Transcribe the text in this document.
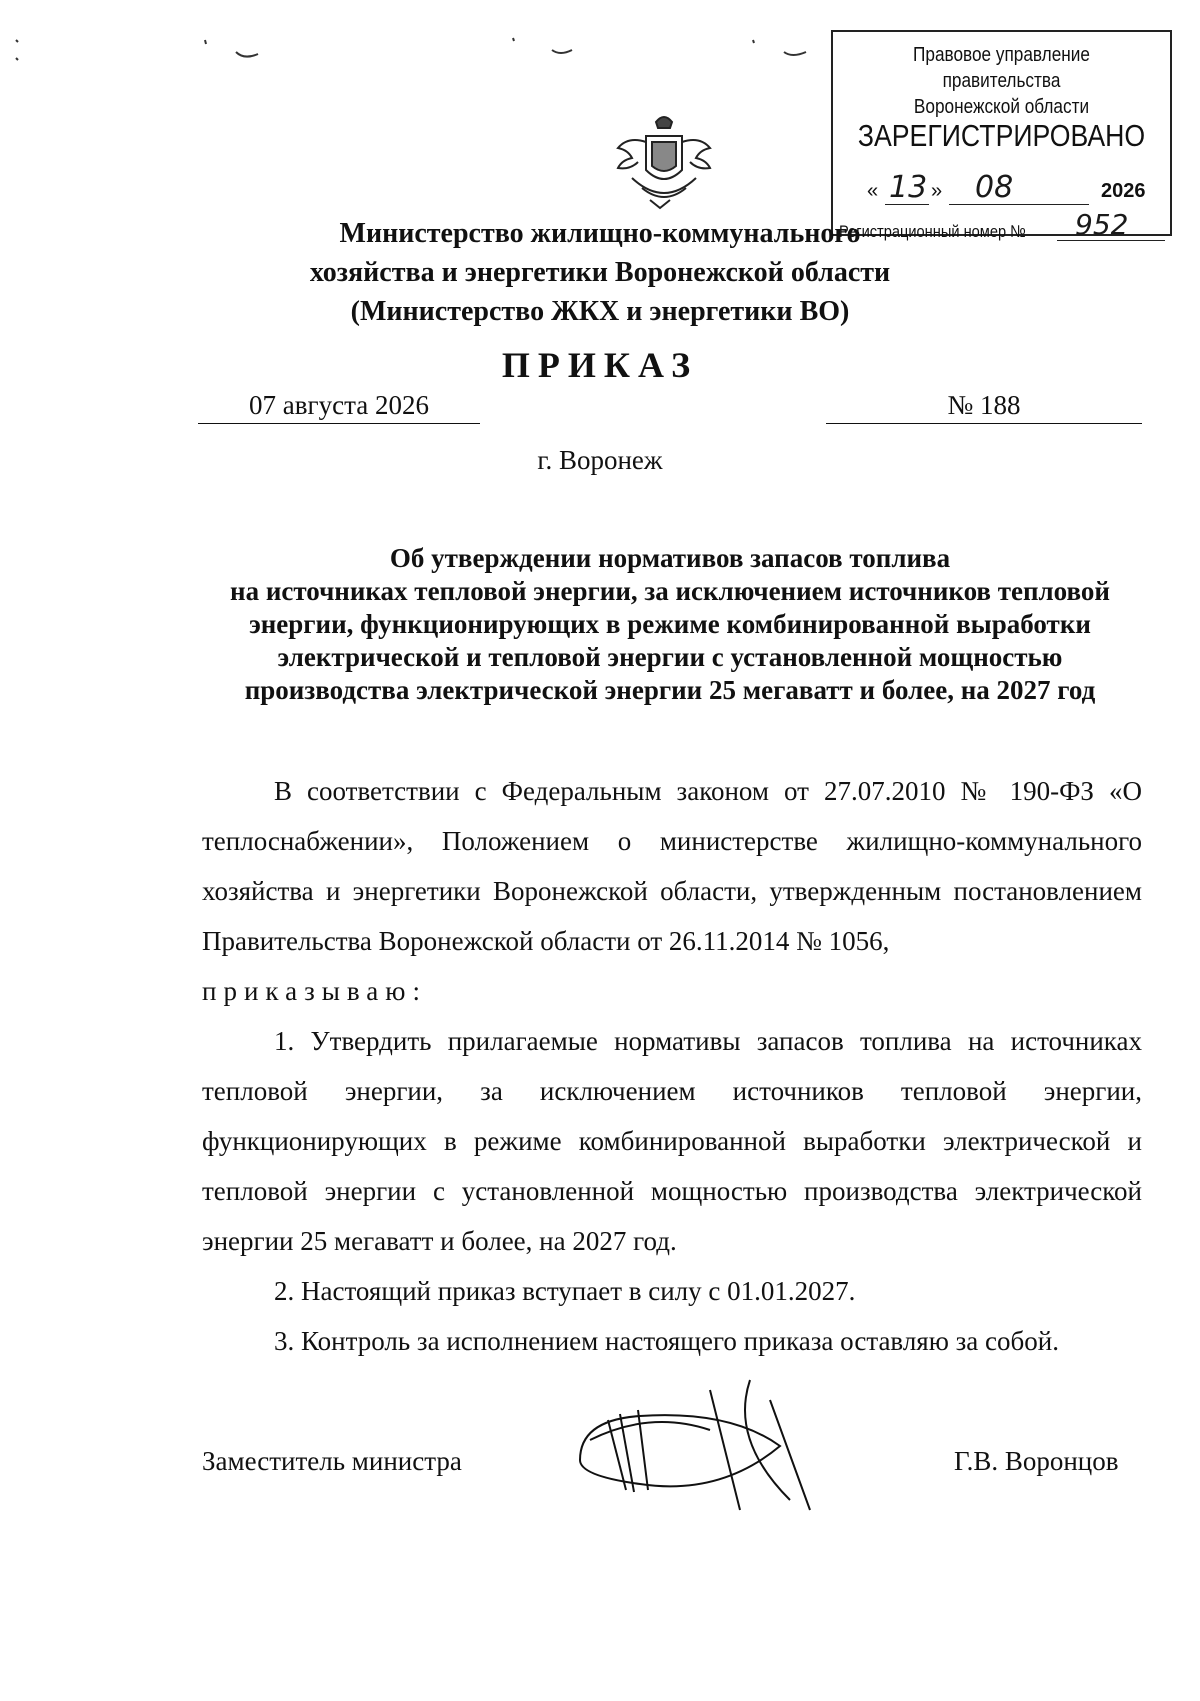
Правовое управление правительства
Воронежской области
ЗАРЕГИСТРИРОВАНО
« 13 » 08	2026
Регистрационный номер № 952
Министерство жилищно-коммунального
хозяйства и энергетики Воронежской области
(Министерство ЖКХ и энергетики ВО)
ПРИКАЗ
07 августа 2026	№ 188
г. Воронеж
Об утверждении нормативов запасов топлива
на источниках тепловой энергии, за исключением источников тепловой
энергии, функционирующих в режиме комбинированной выработки
электрической и тепловой энергии с установленной мощностью
производства электрической энергии 25 мегаватт и более, на 2027 год
В соответствии с Федеральным законом от 27.07.2010 № 190-ФЗ «О теплоснабжении», Положением о министерстве жилищно-коммунального хозяйства и энергетики Воронежской области, утвержденным постановлением Правительства Воронежской области от 26.11.2014 № 1056,
приказываю:
1. Утвердить прилагаемые нормативы запасов топлива на источниках тепловой энергии, за исключением источников тепловой энергии, функционирующих в режиме комбинированной выработки электрической и тепловой энергии с установленной мощностью производства электрической энергии 25 мегаватт и более, на 2027 год.
2. Настоящий приказ вступает в силу с 01.01.2027.
3. Контроль за исполнением настоящего приказа оставляю за собой.
Заместитель министра	Г.В. Воронцов
